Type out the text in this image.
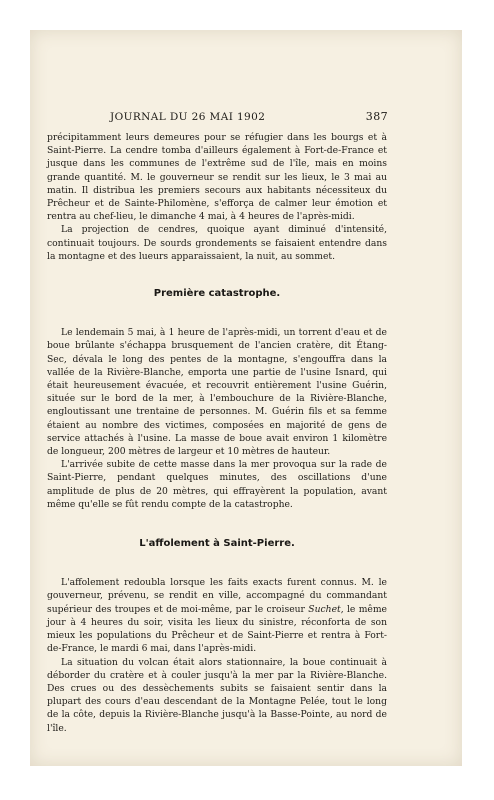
JOURNAL DU 26 MAI 1902	387

précipitamment leurs demeures pour se réfugier dans les bourgs et à Saint-Pierre. La cendre tomba d'ailleurs également à Fort-de-France et jusque dans les communes de l'extrême sud de l'île, mais en moins grande quantité. M. le gouverneur se rendit sur les lieux, le 3 mai au matin. Il distribua les premiers secours aux habitants nécessiteux du Prêcheur et de Sainte-Philomène, s'efforça de calmer leur émotion et rentra au chef-lieu, le dimanche 4 mai, à 4 heures de l'après-midi.

La projection de cendres, quoique ayant diminué d'intensité, continuait toujours. De sourds grondements se faisaient entendre dans la montagne et des lueurs apparaissaient, la nuit, au sommet.

Première catastrophe.

Le lendemain 5 mai, à 1 heure de l'après-midi, un torrent d'eau et de boue brûlante s'échappa brusquement de l'ancien cratère, dit Étang-Sec, dévala le long des pentes de la montagne, s'engouffra dans la vallée de la Rivière-Blanche, emporta une partie de l'usine Isnard, qui était heureusement évacuée, et recouvrit entièrement l'usine Guérin, située sur le bord de la mer, à l'embouchure de la Rivière-Blanche, engloutissant une trentaine de personnes. M. Guérin fils et sa femme étaient au nombre des victimes, composées en majorité de gens de service attachés à l'usine. La masse de boue avait environ 1 kilomètre de longueur, 200 mètres de largeur et 10 mètres de hauteur.

L'arrivée subite de cette masse dans la mer provoqua sur la rade de Saint-Pierre, pendant quelques minutes, des oscillations d'une amplitude de plus de 20 mètres, qui effrayèrent la population, avant même qu'elle se fût rendu compte de la catastrophe.

L'affolement à Saint-Pierre.

L'affolement redoubla lorsque les faits exacts furent connus. M. le gouverneur, prévenu, se rendit en ville, accompagné du commandant supérieur des troupes et de moi-même, par le croiseur Suchet, le même jour à 4 heures du soir, visita les lieux du sinistre, réconforta de son mieux les populations du Prêcheur et de Saint-Pierre et rentra à Fort-de-France, le mardi 6 mai, dans l'après-midi.

La situation du volcan était alors stationnaire, la boue continuait à déborder du cratère et à couler jusqu'à la mer par la Rivière-Blanche. Des crues ou des dessèchements subits se faisaient sentir dans la plupart des cours d'eau descendant de la Montagne Pelée, tout le long de la côte, depuis la Rivière-Blanche jusqu'à la Basse-Pointe, au nord de l'île.
